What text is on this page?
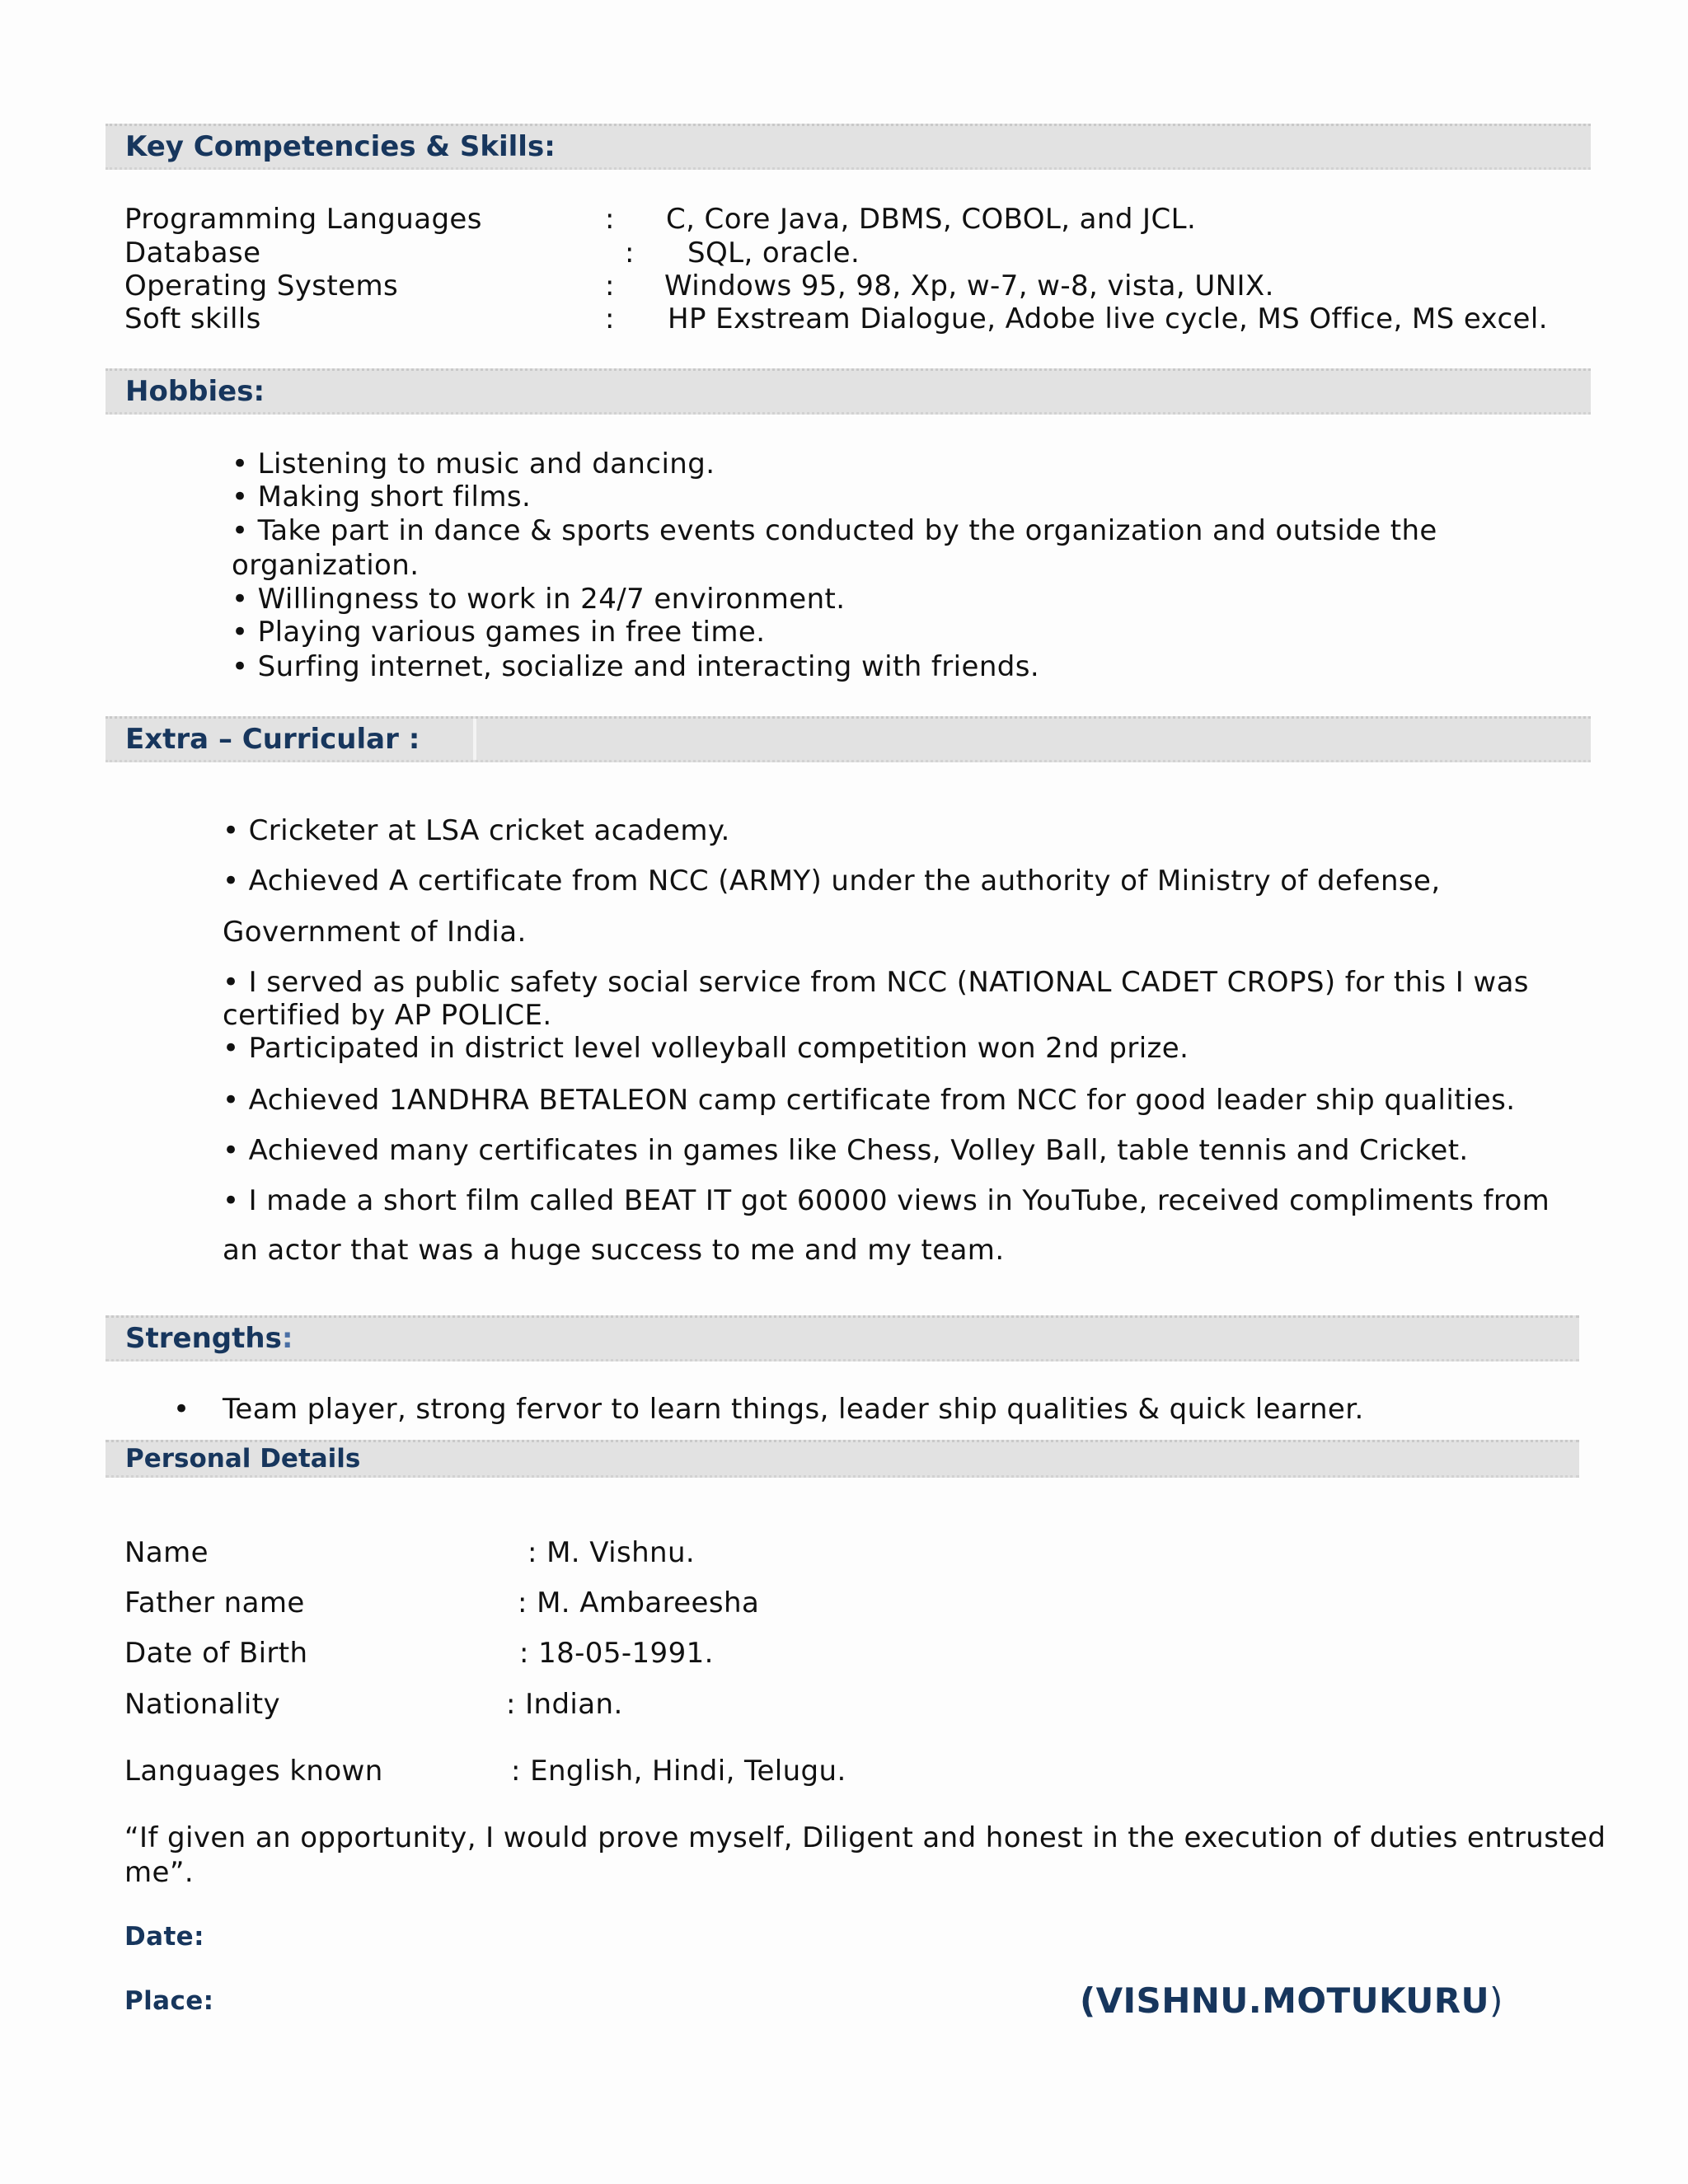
Key Competencies & Skills:
Programming Languages	: C, Core Java, DBMS, COBOL, and JCL.
Database	: SQL, oracle.
Operating Systems	: Windows 95, 98, Xp, w-7, w-8, vista, UNIX.
Soft skills	: HP Exstream Dialogue, Adobe live cycle, MS Office, MS excel.
Hobbies:
• Listening to music and dancing.
• Making short films.
• Take part in dance & sports events conducted by the organization and outside the
organization.
• Willingness to work in 24/7 environment.
• Playing various games in free time.
• Surfing internet, socialize and interacting with friends.
Extra – Curricular :
• Cricketer at LSA cricket academy.
• Achieved A certificate from NCC (ARMY) under the authority of Ministry of defense,
Government of India.
• I served as public safety social service from NCC (NATIONAL CADET CROPS) for this I was
certified by AP POLICE.
• Participated in district level volleyball competition won 2nd prize.
• Achieved 1ANDHRA BETALEON camp certificate from NCC for good leader ship qualities.
• Achieved many certificates in games like Chess, Volley Ball, table tennis and Cricket.
• I made a short film called BEAT IT got 60000 views in YouTube, received compliments from
an actor that was a huge success to me and my team.
Strengths:
• Team player, strong fervor to learn things, leader ship qualities & quick learner.
Personal Details
Name	: M. Vishnu.
Father name	: M. Ambareesha
Date of Birth	: 18-05-1991.
Nationality	: Indian.
Languages known	: English, Hindi, Telugu.
“If given an opportunity, I would prove myself, Diligent and honest in the execution of duties entrusted
me”.
Date:
Place:	(VISHNU.MOTUKURU)
